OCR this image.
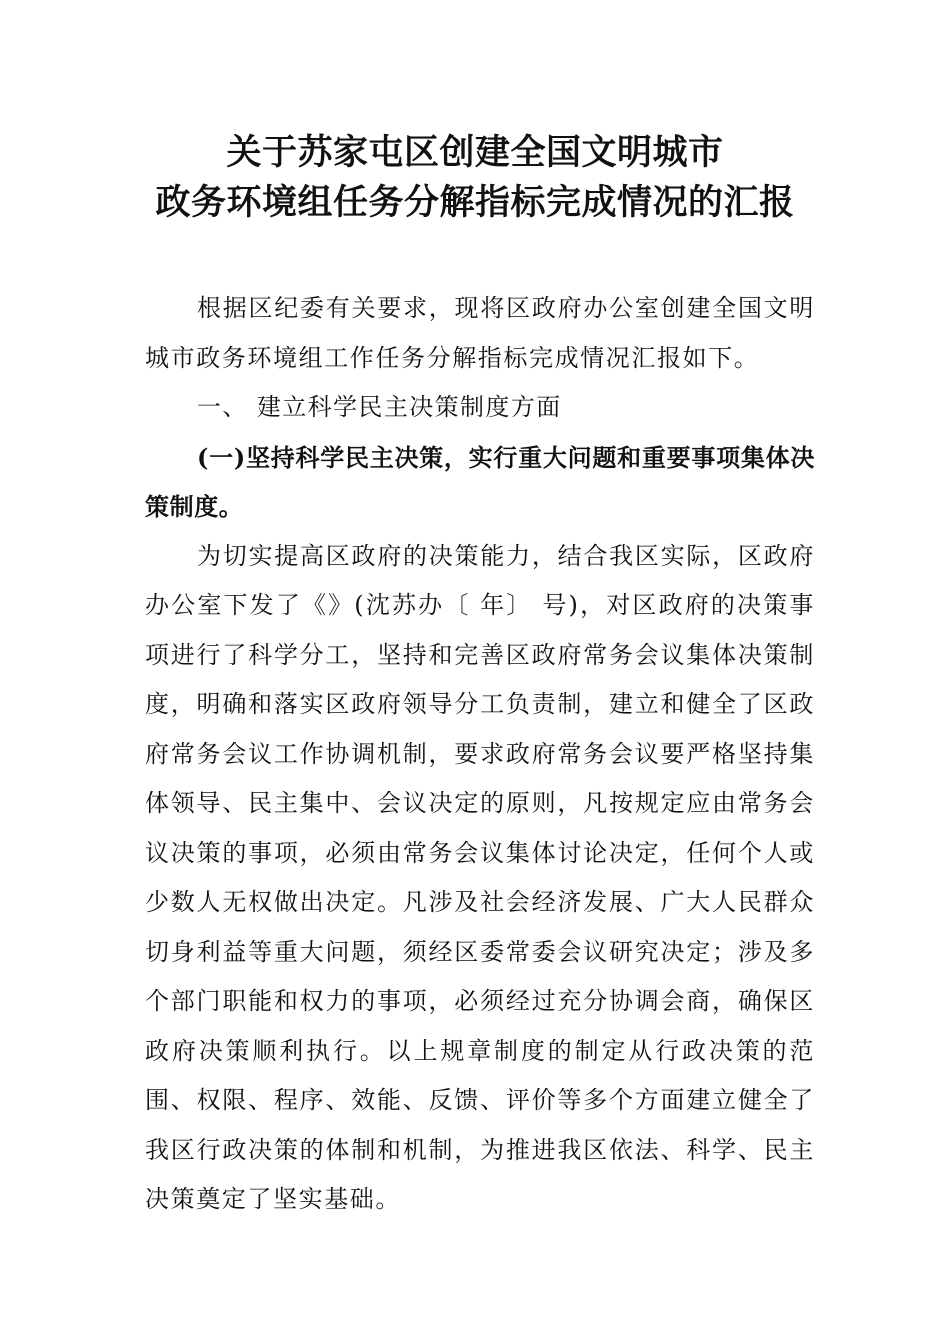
关于苏家屯区创建全国文明城市
政务环境组任务分解指标完成情况的汇报

根据区纪委有关要求，现将区政府办公室创建全国文明城市政务环境组工作任务分解指标完成情况汇报如下。

一、 建立科学民主决策制度方面

(一)坚持科学民主决策，实行重大问题和重要事项集体决策制度。

为切实提高区政府的决策能力，结合我区实际，区政府办公室下发了《》(沈苏办〔 年〕 号)，对区政府的决策事项进行了科学分工，坚持和完善区政府常务会议集体决策制度，明确和落实区政府领导分工负责制，建立和健全了区政府常务会议工作协调机制，要求政府常务会议要严格坚持集体领导、民主集中、会议决定的原则，凡按规定应由常务会议决策的事项，必须由常务会议集体讨论决定，任何个人或少数人无权做出决定。凡涉及社会经济发展、广大人民群众切身利益等重大问题，须经区委常委会议研究决定；涉及多个部门职能和权力的事项，必须经过充分协调会商，确保区政府决策顺利执行。以上规章制度的制定从行政决策的范围、权限、程序、效能、反馈、评价等多个方面建立健全了我区行政决策的体制和机制，为推进我区依法、科学、民主决策奠定了坚实基础。
